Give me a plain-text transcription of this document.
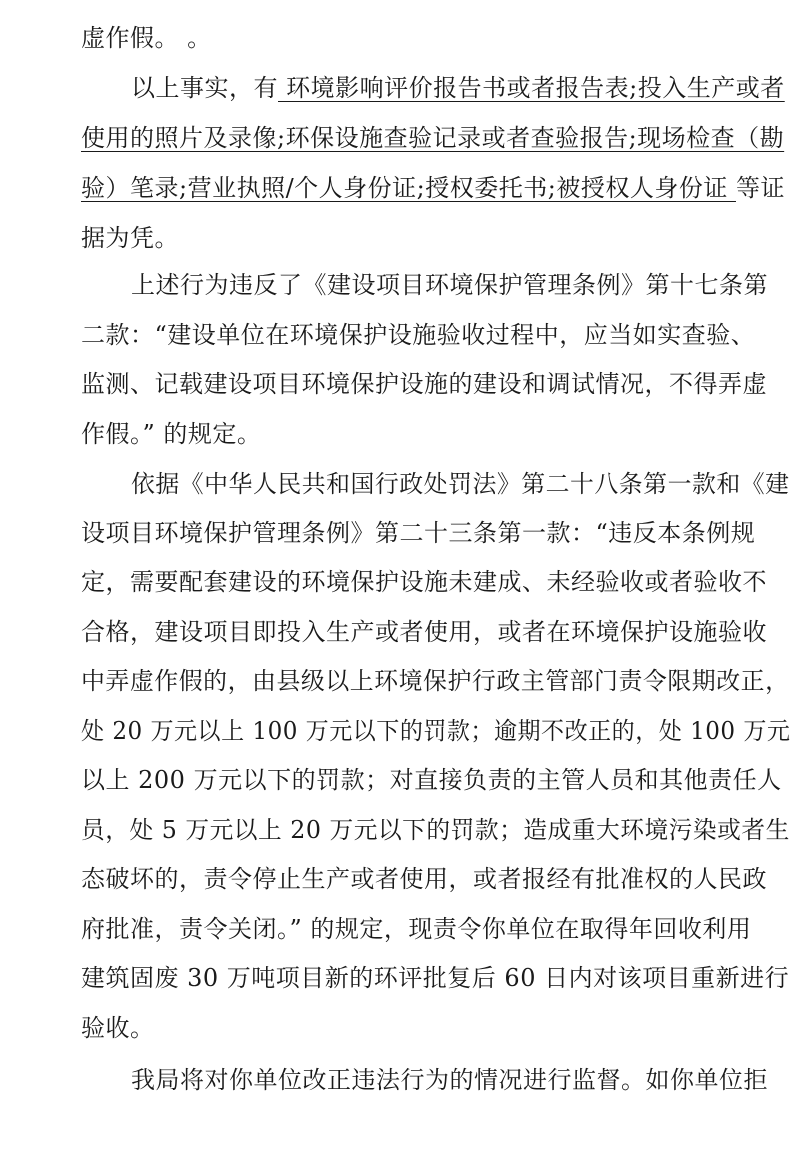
虚作假。 。
以上事实，有 环境影响评价报告书或者报告表;投入生产或者
使用的照片及录像;环保设施查验记录或者查验报告;现场检查（勘
验）笔录;营业执照/个人身份证;授权委托书;被授权人身份证 等证
据为凭。
上述行为违反了《建设项目环境保护管理条例》第十七条第
二款：“建设单位在环境保护设施验收过程中，应当如实查验、
监测、记载建设项目环境保护设施的建设和调试情况，不得弄虚
作假。” 的规定。
依据《中华人民共和国行政处罚法》第二十八条第一款和《建
设项目环境保护管理条例》第二十三条第一款：“违反本条例规
定，需要配套建设的环境保护设施未建成、未经验收或者验收不
合格，建设项目即投入生产或者使用，或者在环境保护设施验收
中弄虚作假的，由县级以上环境保护行政主管部门责令限期改正，
处 20 万元以上 100 万元以下的罚款；逾期不改正的，处 100 万元
以上 200 万元以下的罚款；对直接负责的主管人员和其他责任人
员，处 5 万元以上 20 万元以下的罚款；造成重大环境污染或者生
态破坏的，责令停止生产或者使用，或者报经有批准权的人民政
府批准，责令关闭。” 的规定，现责令你单位在取得年回收利用
建筑固废 30 万吨项目新的环评批复后 60 日内对该项目重新进行
验收。
我局将对你单位改正违法行为的情况进行监督。如你单位拒
